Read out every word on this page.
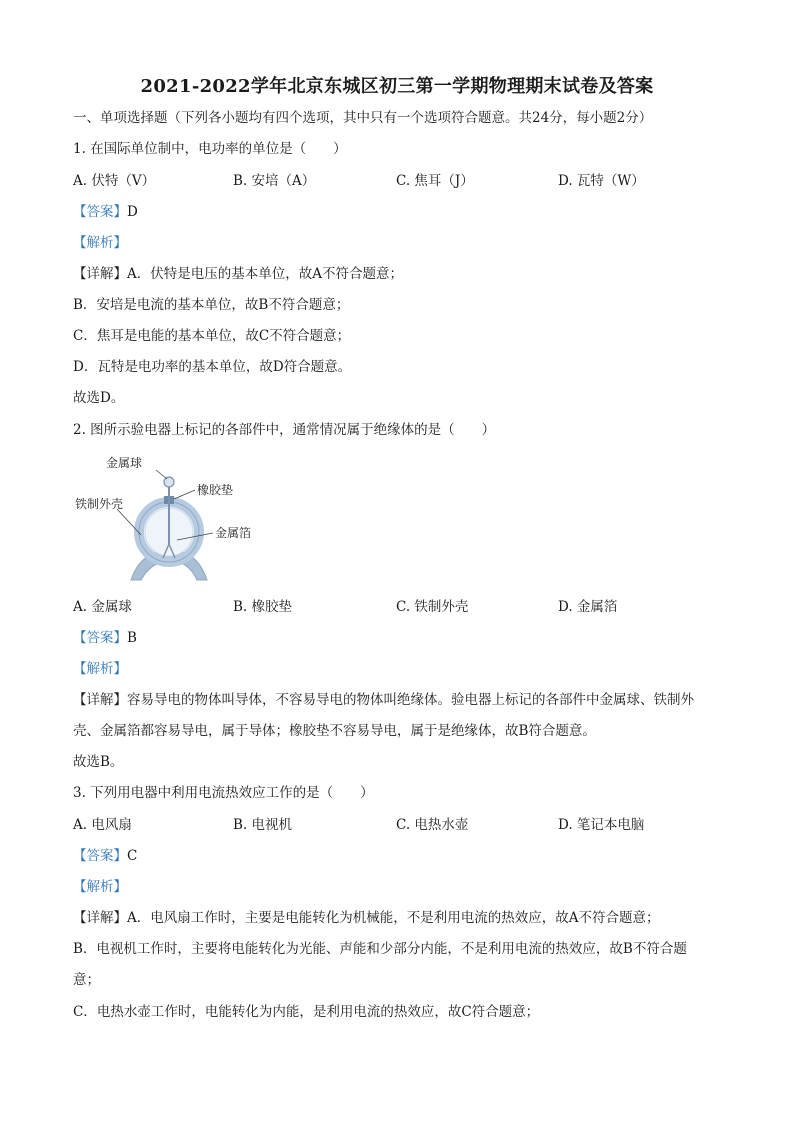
2021-2022学年北京东城区初三第一学期物理期末试卷及答案
一、单项选择题（下列各小题均有四个选项，其中只有一个选项符合题意。共24分，每小题2分）
1. 在国际单位制中，电功率的单位是（　　）
A. 伏特（V）	B. 安培（A）	C. 焦耳（J）	D. 瓦特（W）
【答案】D
【解析】
【详解】A．伏特是电压的基本单位，故A不符合题意；
B．安培是电流的基本单位，故B不符合题意；
C．焦耳是电能的基本单位，故C不符合题意；
D．瓦特是电功率的基本单位，故D符合题意。
故选D。
2. 图所示验电器上标记的各部件中，通常情况属于绝缘体的是（　　）
金属球
橡胶垫
铁制外壳
金属箔
A. 金属球	B. 橡胶垫	C. 铁制外壳	D. 金属箔
【答案】B
【解析】
【详解】容易导电的物体叫导体，不容易导电的物体叫绝缘体。验电器上标记的各部件中金属球、铁制外
壳、金属箔都容易导电，属于导体；橡胶垫不容易导电，属于是绝缘体，故B符合题意。
故选B。
3. 下列用电器中利用电流热效应工作的是（　　）
A. 电风扇	B. 电视机	C. 电热水壶	D. 笔记本电脑
【答案】C
【解析】
【详解】A．电风扇工作时，主要是电能转化为机械能，不是利用电流的热效应，故A不符合题意；
B．电视机工作时，主要将电能转化为光能、声能和少部分内能，不是利用电流的热效应，故B不符合题
意；
C．电热水壶工作时，电能转化为内能，是利用电流的热效应，故C符合题意；
